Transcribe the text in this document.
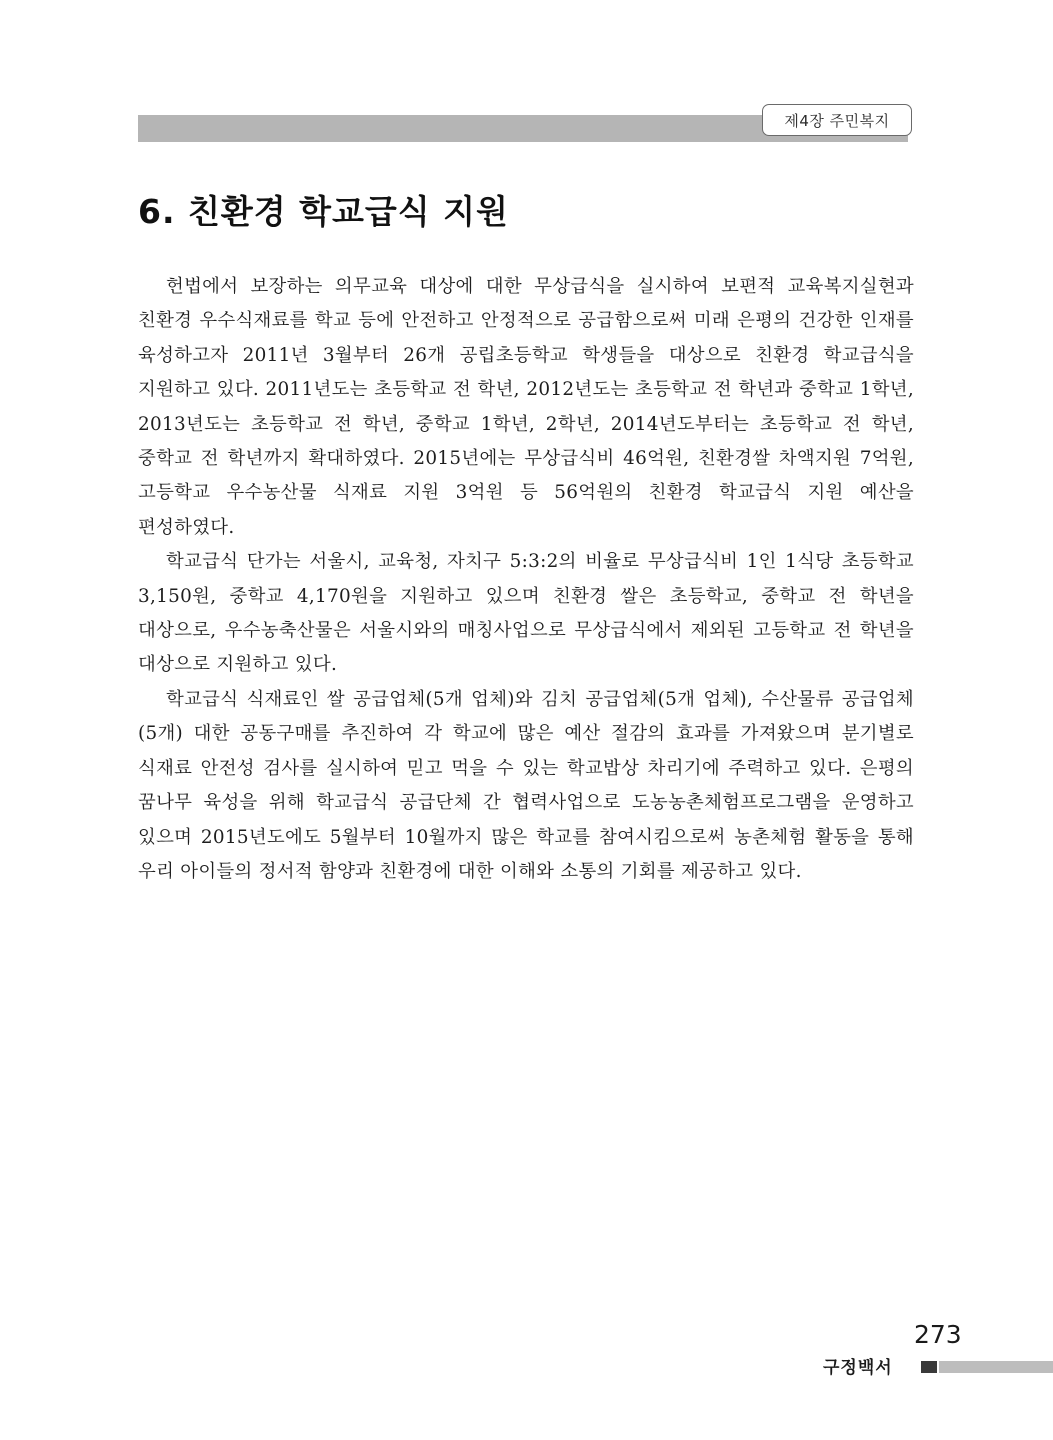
제4장 주민복지
6. 친환경 학교급식 지원

헌법에서 보장하는 의무교육 대상에 대한 무상급식을 실시하여 보편적 교육복지실현과 친환경 우수식재료를 학교 등에 안전하고 안정적으로 공급함으로써 미래 은평의 건강한 인재를 육성하고자 2011년 3월부터 26개 공립초등학교 학생들을 대상으로 친환경 학교급식을 지원하고 있다. 2011년도는 초등학교 전 학년, 2012년도는 초등학교 전 학년과 중학교 1학년, 2013년도는 초등학교 전 학년, 중학교 1학년, 2학년, 2014년도부터는 초등학교 전 학년, 중학교 전 학년까지 확대하였다. 2015년에는 무상급식비 46억원, 친환경쌀 차액지원 7억원, 고등학교 우수농산물 식재료 지원 3억원 등 56억원의 친환경 학교급식 지원 예산을 편성하였다.

학교급식 단가는 서울시, 교육청, 자치구 5:3:2의 비율로 무상급식비 1인 1식당 초등학교 3,150원, 중학교 4,170원을 지원하고 있으며 친환경 쌀은 초등학교, 중학교 전 학년을 대상으로, 우수농축산물은 서울시와의 매칭사업으로 무상급식에서 제외된 고등학교 전 학년을 대상으로 지원하고 있다.

학교급식 식재료인 쌀 공급업체(5개 업체)와 김치 공급업체(5개 업체), 수산물류 공급업체(5개) 대한 공동구매를 추진하여 각 학교에 많은 예산 절감의 효과를 가져왔으며 분기별로 식재료 안전성 검사를 실시하여 믿고 먹을 수 있는 학교밥상 차리기에 주력하고 있다. 은평의 꿈나무 육성을 위해 학교급식 공급단체 간 협력사업으로 도농농촌체험프로그램을 운영하고 있으며 2015년도에도 5월부터 10월까지 많은 학교를 참여시킴으로써 농촌체험 활동을 통해 우리 아이들의 정서적 함양과 친환경에 대한 이해와 소통의 기회를 제공하고 있다.

273
구정백서
